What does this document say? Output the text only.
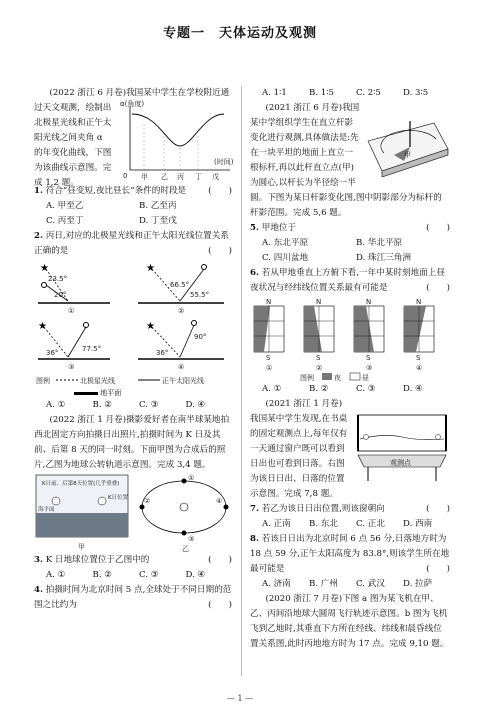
专题一　天体运动及观测

(2022 浙江 6 月卷)我国某中学生在学校附近通

过天文观测，绘制出北极星光线和正午太阳光线之间夹角 α 的年变化曲线，下图为该曲线示意图。完成 1,2 题。
α(角度)
0 甲 乙 丙 丁 戊
(时间)

1. 符合“昼变短,夜比昼长”条件的时段是	(　　)

A. 甲至乙	B. 乙至丙
C. 丙至丁	D. 丁至戊

2. 丙日,对应的北极星光线和正午太阳光线位置关系正确的是	(　　)

★
23.5°
20°
①
★
66.5°
55.5°
②
★
36°	77.5°
③
★
36°
90°
④
图例	北极星光线	正午太阳光线
地平面
A. ①	B. ②	C. ③	D. ④

(2022 浙江 1 月卷)摄影爱好者在南半球某地拍西北固定方向拍摄日出照片,拍摄时间为 K 日及其前、后第 8 天的同一时刻。下面甲图为合成后的照片,乙图为地球公转轨道示意图。完成 3,4 题。

K日前、后第8天位置(几乎重叠)
K日位置
海平面
甲
①
②
③
④
乙

3. K 日地球位置位于乙图中的	(　　)

A. ①	B. ②	C. ③	D. ④

4. 拍摄时间为北京时间 5 点,全球处于不同日期的范围之比约为	(　　)

A. 1∶1	B. 1∶5	C. 2∶5	D. 3∶5
甲

(2021 浙江 6 月卷)我国某中学组织学生在直立杆影变化进行观测,具体做法是:先在一块平坦的地面上直立一根标杆,再以此杆直立点(甲)为圆心,以杆长为半径绘一半圆。下图为某日杆影变化图,图中阴影部分为标杆的杆影范围。完成 5,6 题。

5. 甲地位于	(　　)

A. 东北平原	B. 华北平原
C. 四川盆地	D. 珠江三角洲

6. 若从甲地垂直上方俯下看,一年中某时刻地面上昼夜状况与经纬线位置关系最有可能是	(　　)

N
S
①
N
S
②
N
S
③
N
S
④
图例	夜	昼
A. ①	B. ②	C. ③	D. ④
观测点

(2021 浙江 1 月卷)我国某中学生发现,在书桌的固定观测点上,每年仅有一天通过窗户既可以看到日出也可看到日落。右图为该日日出、日落的位置示意图。完成 7,8 题。

7. 若乙为该日日出位置,则该窗朝向	(　　)

A. 正南	B. 东北	C. 正北	D. 西南

8. 若该日日出为北京时间 6 点 56 分,日落地方时为 18 点 59 分,正午太阳高度为 83.8°,则该学生所在地最可能是	(　　)

A. 济南	B. 广州	C. 武汉	D. 拉萨

(2020 浙江 7 月卷)下图 a 图为某飞机在甲、乙、丙间沿地球大圆周飞行轨迹示意图。b 图为飞机飞到乙地时,其垂直下方所在经线、纬线和晨昏线位置关系图,此时丙地地方时为 17 点。完成 9,10 题。

— 1 —
